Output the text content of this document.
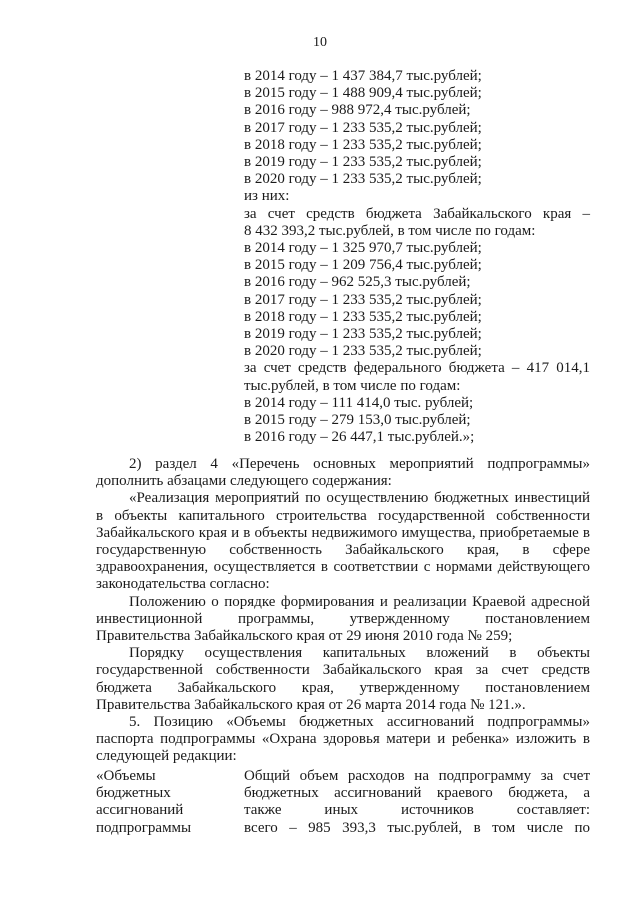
10
в 2014 году – 1 437 384,7 тыс.рублей;
в 2015 году – 1 488 909,4 тыс.рублей;
в 2016 году – 988 972,4 тыс.рублей;
в 2017 году – 1 233 535,2 тыс.рублей;
в 2018 году – 1 233 535,2 тыс.рублей;
в 2019 году – 1 233 535,2 тыс.рублей;
в 2020 году – 1 233 535,2 тыс.рублей;
из них:
за счет средств бюджета Забайкальского края –
8 432 393,2 тыс.рублей, в том числе по годам:
в 2014 году – 1 325 970,7 тыс.рублей;
в 2015 году – 1 209 756,4 тыс.рублей;
в 2016 году – 962 525,3 тыс.рублей;
в 2017 году – 1 233 535,2 тыс.рублей;
в 2018 году – 1 233 535,2 тыс.рублей;
в 2019 году – 1 233 535,2 тыс.рублей;
в 2020 году – 1 233 535,2 тыс.рублей;
за счет средств федерального бюджета – 417 014,1
тыс.рублей, в том числе по годам:
в 2014 году – 111 414,0 тыс. рублей;
в 2015 году – 279 153,0 тыс.рублей;
в 2016 году – 26 447,1 тыс.рублей.»;

2) раздел 4 «Перечень основных мероприятий подпрограммы» дополнить абзацами следующего содержания:

«Реализация мероприятий по осуществлению бюджетных инвестиций в объекты капитального строительства государственной собственности Забайкальского края и в объекты недвижимого имущества, приобретаемые в государственную собственность Забайкальского края, в сфере здравоохранения, осуществляется в соответствии с нормами действующего законодательства согласно:

Положению о порядке формирования и реализации Краевой адресной инвестиционной программы, утвержденному постановлением Правительства Забайкальского края от 29 июня 2010 года № 259;

Порядку осуществления капитальных вложений в объекты государственной собственности Забайкальского края за счет средств бюджета Забайкальского края, утвержденному постановлением Правительства Забайкальского края от 26 марта 2014 года № 121.».

5. Позицию «Объемы бюджетных ассигнований подпрограммы» паспорта подпрограммы «Охрана здоровья матери и ребенка» изложить в следующей редакции:

«Объемы	Общий объем расходов на подпрограмму за счет
бюджетных	бюджетных ассигнований краевого бюджета, а
ассигнований	также иных источников составляет:
подпрограммы	всего – 985 393,3 тыс.рублей, в том числе по
